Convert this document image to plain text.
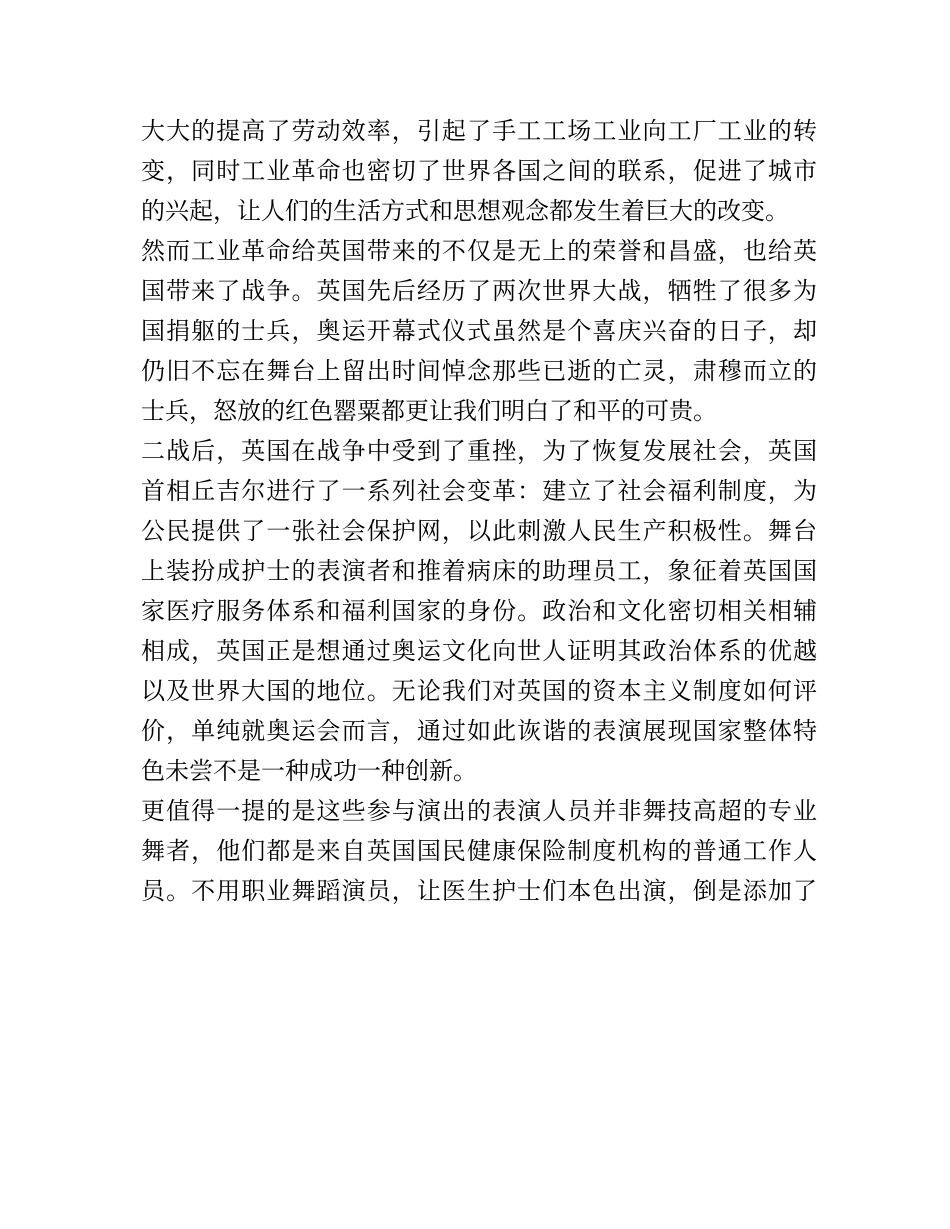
大大的提高了劳动效率，引起了手工工场工业向工厂工业的转
变，同时工业革命也密切了世界各国之间的联系，促进了城市
的兴起，让人们的生活方式和思想观念都发生着巨大的改变。
然而工业革命给英国带来的不仅是无上的荣誉和昌盛，也给英
国带来了战争。英国先后经历了两次世界大战，牺牲了很多为
国捐躯的士兵，奥运开幕式仪式虽然是个喜庆兴奋的日子，却
仍旧不忘在舞台上留出时间悼念那些已逝的亡灵，肃穆而立的
士兵，怒放的红色罂粟都更让我们明白了和平的可贵。
二战后，英国在战争中受到了重挫，为了恢复发展社会，英国
首相丘吉尔进行了一系列社会变革：建立了社会福利制度，为
公民提供了一张社会保护网，以此刺激人民生产积极性。舞台
上装扮成护士的表演者和推着病床的助理员工，象征着英国国
家医疗服务体系和福利国家的身份。政治和文化密切相关相辅
相成，英国正是想通过奥运文化向世人证明其政治体系的优越
以及世界大国的地位。无论我们对英国的资本主义制度如何评
价，单纯就奥运会而言，通过如此诙谐的表演展现国家整体特
色未尝不是一种成功一种创新。
更值得一提的是这些参与演出的表演人员并非舞技高超的专业
舞者，他们都是来自英国国民健康保险制度机构的普通工作人
员。不用职业舞蹈演员，让医生护士们本色出演，倒是添加了
